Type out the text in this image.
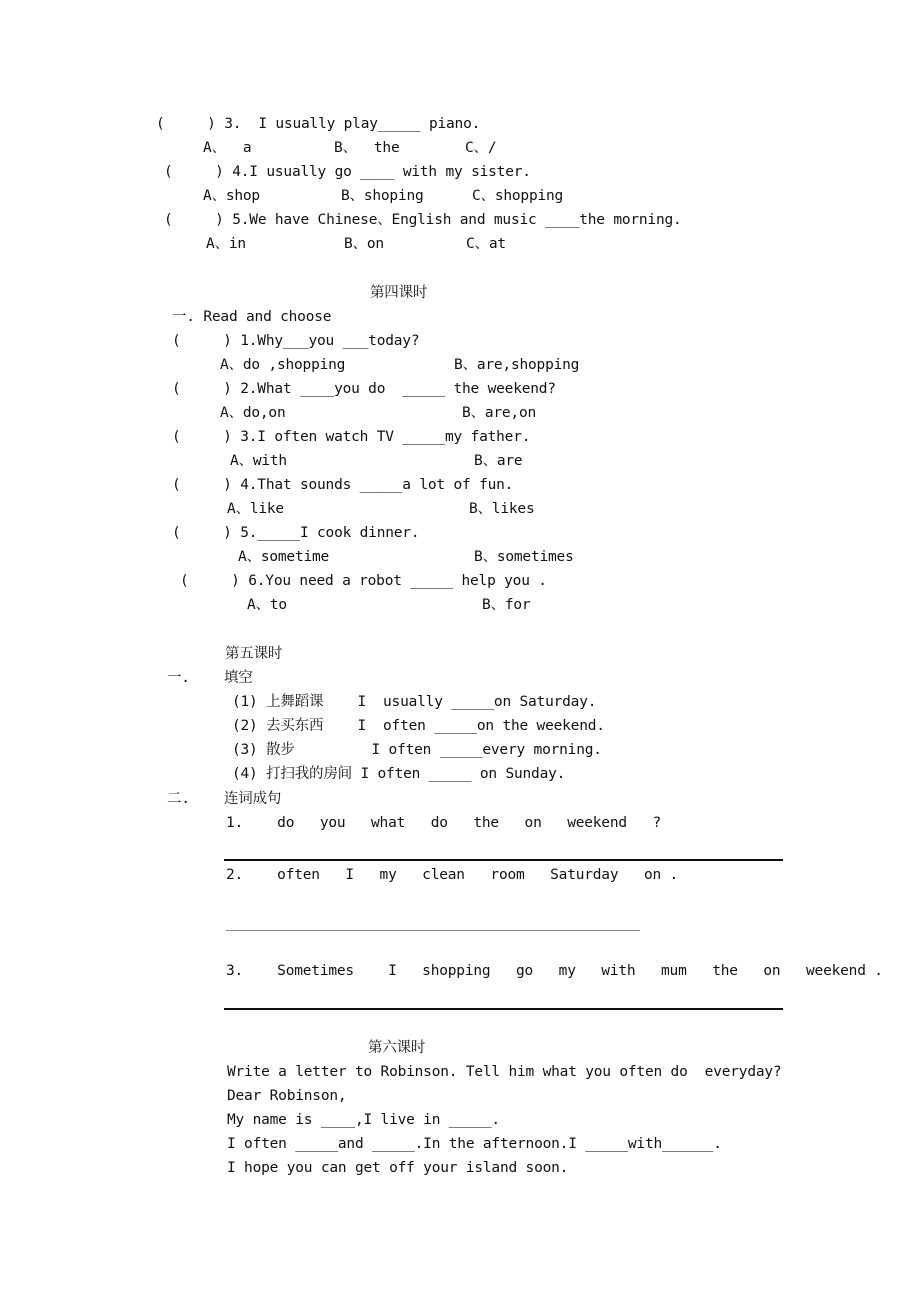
(     ) 3.  I usually play_____ piano.
A、  a	B、  the	C、/
(     ) 4.I usually go ____ with my sister.
A、shop	B、shoping	C、shopping
(     ) 5.We have Chinese、English and music ____the morning.
A、in	B、on	C、at
第四课时
一. Read and choose
(     ) 1.Why___you ___today?
A、do ,shopping	B、are,shopping
(     ) 2.What ____you do  _____ the weekend?
A、do,on	B、are,on
(     ) 3.I often watch TV _____my father.
A、with	B、are
(     ) 4.That sounds _____a lot of fun.
A、like	B、likes
(     ) 5._____I cook dinner.
A、sometime	B、sometimes
(     ) 6.You need a robot _____ help you .
A、to	B、for
第五课时
一. 填空
(1) 上舞蹈课    I  usually _____on Saturday.
(2) 去买东西    I  often _____on the weekend.
(3) 散步         I often _____every morning.
(4) 打扫我的房间 I often _____ on Sunday.
二. 连词成句
1.    do   you   what   do   the   on   weekend   ?
2.    often   I   my   clean   room   Saturday   on .
3.    Sometimes    I   shopping   go   my   with   mum   the   on   weekend .
第六课时
Write a letter to Robinson. Tell him what you often do  everyday?
Dear Robinson,
My name is ____,I live in _____.
I often _____and _____.In the afternoon.I _____with______.
I hope you can get off your island soon.
